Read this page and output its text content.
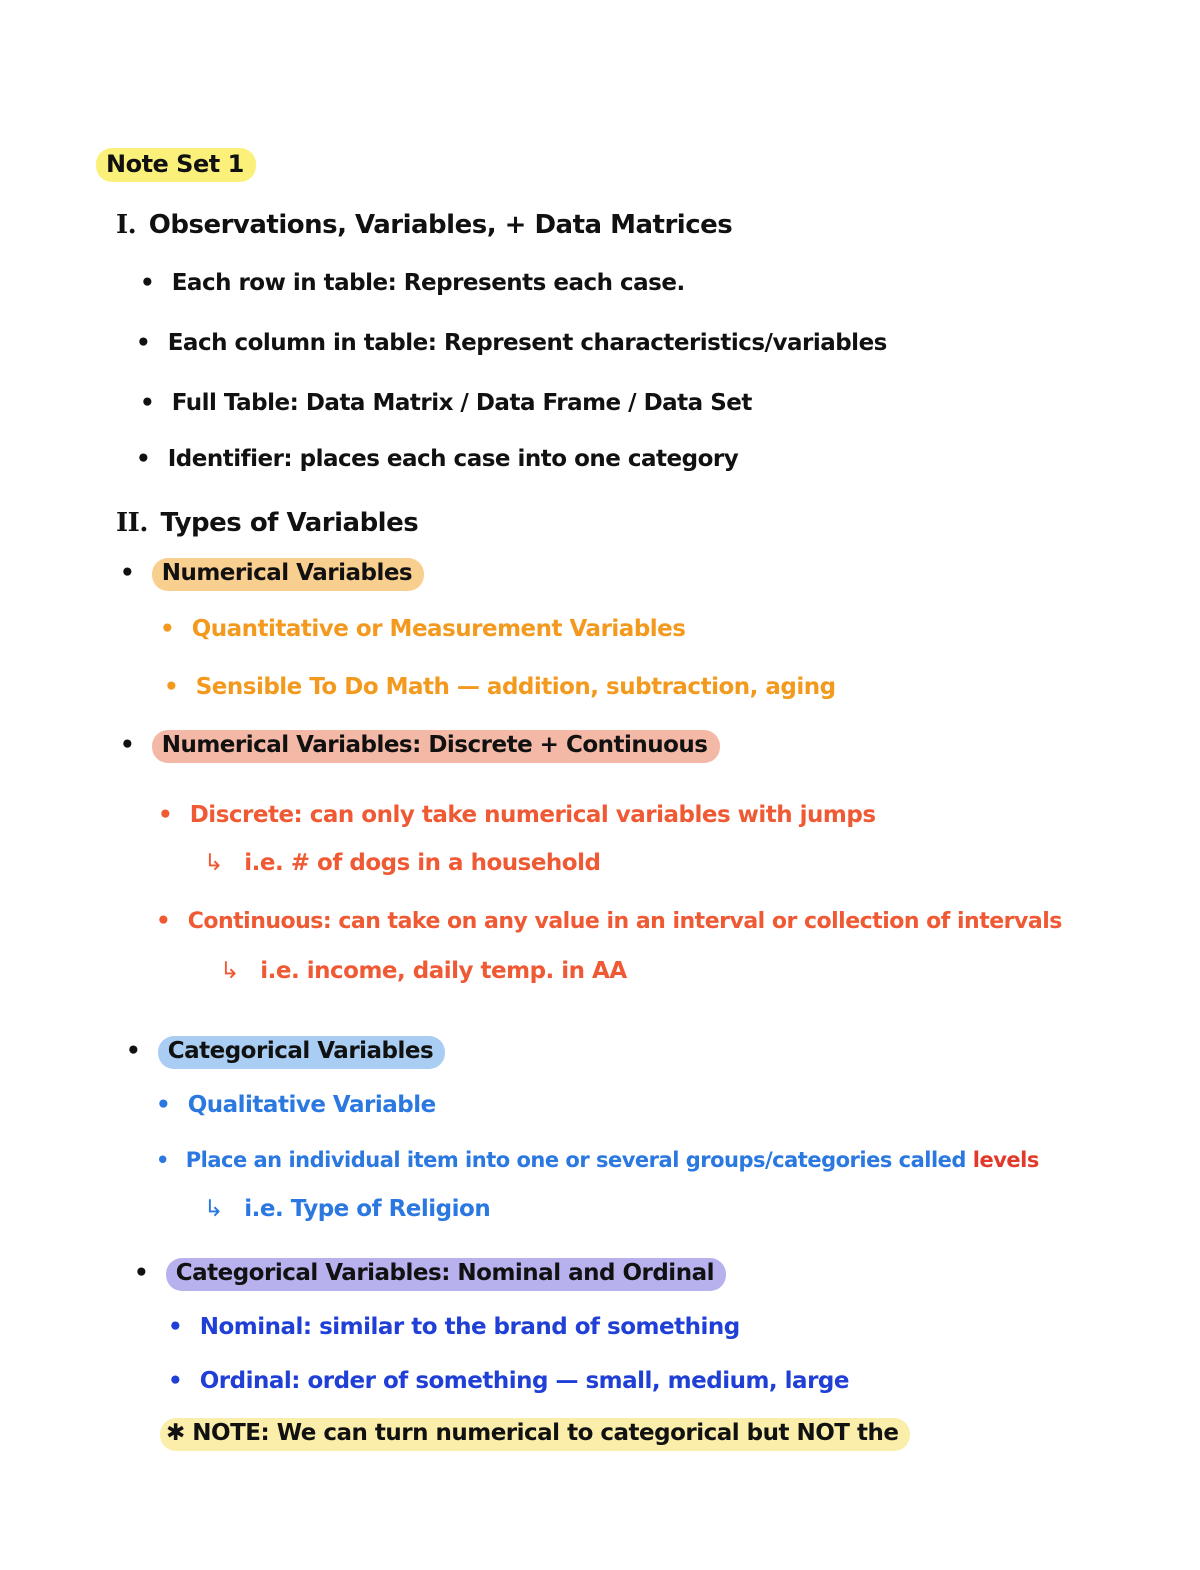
Note Set 1
I. Observations, Variables, + Data Matrices
• Each row in table: Represents each case.
• Each column in table: Represent characteristics/variables
• Full Table: Data Matrix / Data Frame / Data Set
• Identifier: places each case into one category
II. Types of Variables
• Numerical Variables
• Quantitative or Measurement Variables
• Sensible To Do Math — addition, subtraction, aging
• Numerical Variables: Discrete + Continuous
• Discrete: can only take numerical variables with jumps
↳ i.e. # of dogs in a household
• Continuous: can take on any value in an interval or collection of intervals
↳ i.e. income, daily temp. in AA
• Categorical Variables
• Qualitative Variable
• Place an individual item into one or several groups/categories called levels
↳ i.e. Type of Religion
• Categorical Variables: Nominal and Ordinal
• Nominal: similar to the brand of something
• Ordinal: order of something — small, medium, large
✱ NOTE: We can turn numerical to categorical but NOT the
